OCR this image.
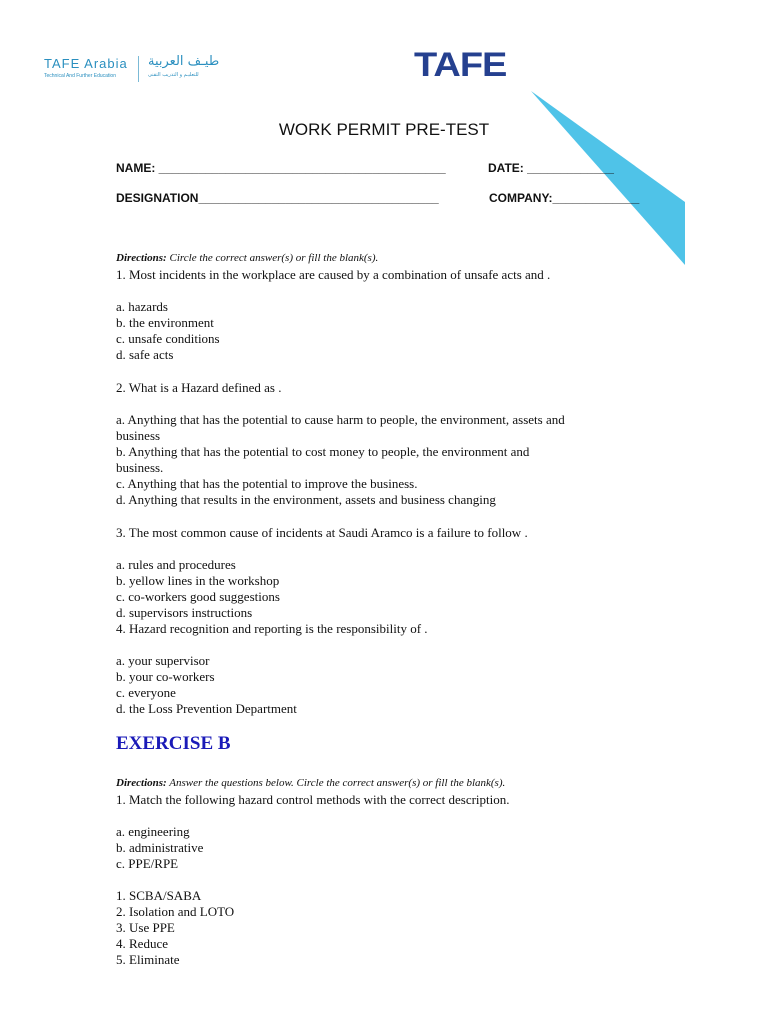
TAFE Arabia
Technical And Further Education
طيـف العربية
للتعليـم و التدريب التقنى	TAFE
WORK PERMIT PRE-TEST
NAME: ___________________________________________	DATE: _____________
DESIGNATION____________________________________	COMPANY:_____________
Directions: Circle the correct answer(s) or fill the blank(s).
1. Most incidents in the workplace are caused by a combination of unsafe acts and .
a. hazards
b. the environment
c. unsafe conditions
d. safe acts
2. What is a Hazard defined as .
a. Anything that has the potential to cause harm to people, the environment, assets and
business
b. Anything that has the potential to cost money to people, the environment and
business.
c. Anything that has the potential to improve the business.
d. Anything that results in the environment, assets and business changing
3. The most common cause of incidents at Saudi Aramco is a failure to follow .
a. rules and procedures
b. yellow lines in the workshop
c. co-workers good suggestions
d. supervisors instructions
4. Hazard recognition and reporting is the responsibility of .
a. your supervisor
b. your co-workers
c. everyone
d. the Loss Prevention Department
EXERCISE B
Directions: Answer the questions below. Circle the correct answer(s) or fill the blank(s).
1. Match the following hazard control methods with the correct description.
a. engineering
b. administrative
c. PPE/RPE
1. SCBA/SABA
2. Isolation and LOTO
3. Use PPE
4. Reduce
5. Eliminate
